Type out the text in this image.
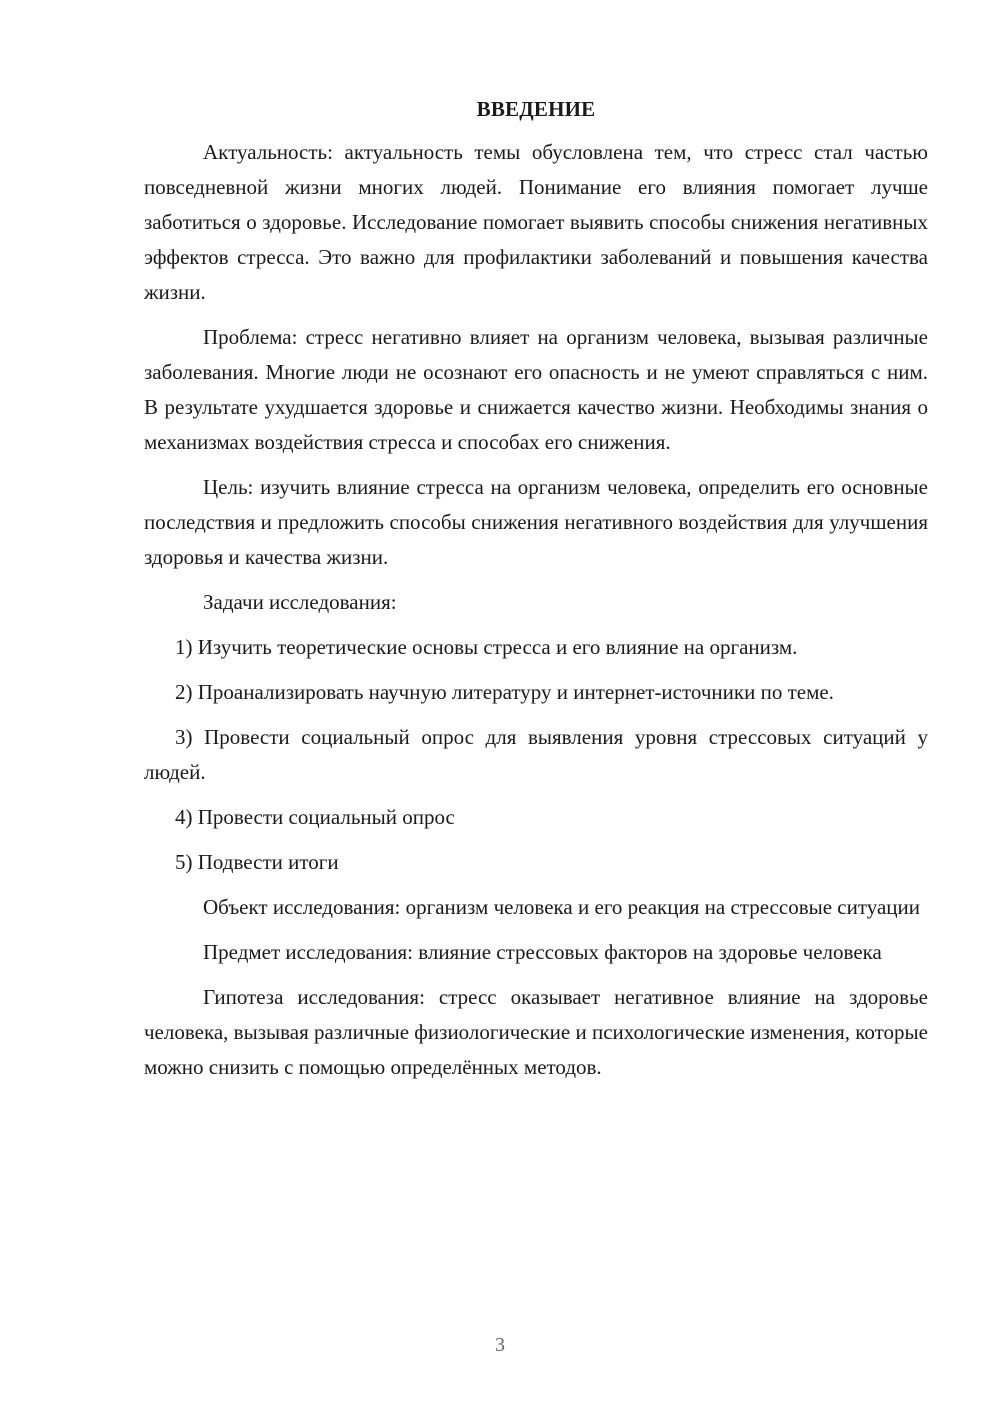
ВВЕДЕНИЕ

Актуальность: актуальность темы обусловлена тем, что стресс стал частью повседневной жизни многих людей. Понимание его влияния помогает лучше заботиться о здоровье. Исследование помогает выявить способы снижения негативных эффектов стресса. Это важно для профилактики заболеваний и повышения качества жизни.

Проблема: стресс негативно влияет на организм человека, вызывая различные заболевания. Многие люди не осознают его опасность и не умеют справляться с ним. В результате ухудшается здоровье и снижается качество жизни. Необходимы знания о механизмах воздействия стресса и способах его снижения.

Цель: изучить влияние стресса на организм человека, определить его основные последствия и предложить способы снижения негативного воздействия для улучшения здоровья и качества жизни.

Задачи исследования:

1) Изучить теоретические основы стресса и его влияние на организм.

2) Проанализировать научную литературу и интернет-источники по теме.

3) Провести социальный опрос для выявления уровня стрессовых ситуаций у людей.

4) Провести социальный опрос

5) Подвести итоги

Объект исследования: организм человека и его реакция на стрессовые ситуации

Предмет исследования: влияние стрессовых факторов на здоровье человека

Гипотеза исследования: стресс оказывает негативное влияние на здоровье человека, вызывая различные физиологические и психологические изменения, которые можно снизить с помощью определённых методов.

3
